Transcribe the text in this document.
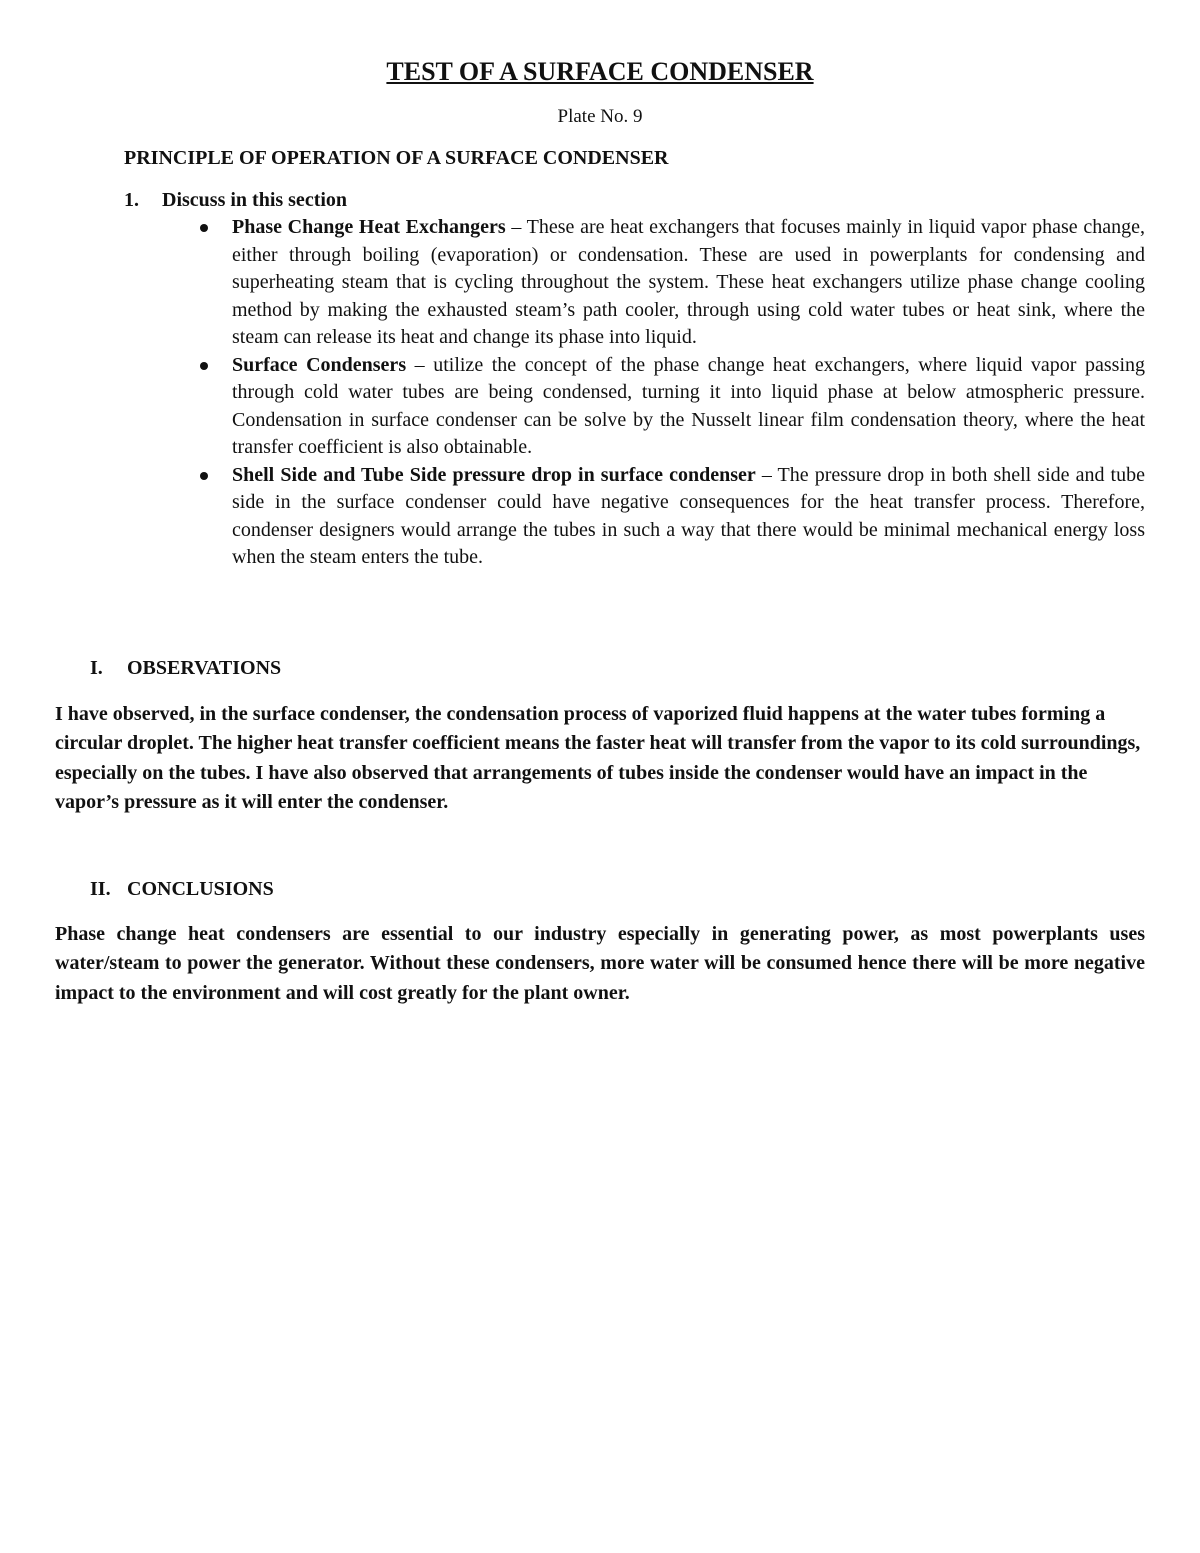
TEST OF A SURFACE CONDENSER
Plate No. 9
PRINCIPLE OF OPERATION OF A SURFACE CONDENSER
1. Discuss in this section
Phase Change Heat Exchangers – These are heat exchangers that focuses mainly in liquid vapor phase change, either through boiling (evaporation) or condensation. These are used in powerplants for condensing and superheating steam that is cycling throughout the system. These heat exchangers utilize phase change cooling method by making the exhausted steam’s path cooler, through using cold water tubes or heat sink, where the steam can release its heat and change its phase into liquid.
Surface Condensers – utilize the concept of the phase change heat exchangers, where liquid vapor passing through cold water tubes are being condensed, turning it into liquid phase at below atmospheric pressure. Condensation in surface condenser can be solve by the Nusselt linear film condensation theory, where the heat transfer coefficient is also obtainable.
Shell Side and Tube Side pressure drop in surface condenser – The pressure drop in both shell side and tube side in the surface condenser could have negative consequences for the heat transfer process. Therefore, condenser designers would arrange the tubes in such a way that there would be minimal mechanical energy loss when the steam enters the tube.
I. OBSERVATIONS

I have observed, in the surface condenser, the condensation process of vaporized fluid happens at the water tubes forming a circular droplet. The higher heat transfer coefficient means the faster heat will transfer from the vapor to its cold surroundings, especially on the tubes. I have also observed that arrangements of tubes inside the condenser would have an impact in the vapor’s pressure as it will enter the condenser.

II. CONCLUSIONS

Phase change heat condensers are essential to our industry especially in generating power, as most powerplants uses water/steam to power the generator. Without these condensers, more water will be consumed hence there will be more negative impact to the environment and will cost greatly for the plant owner.
